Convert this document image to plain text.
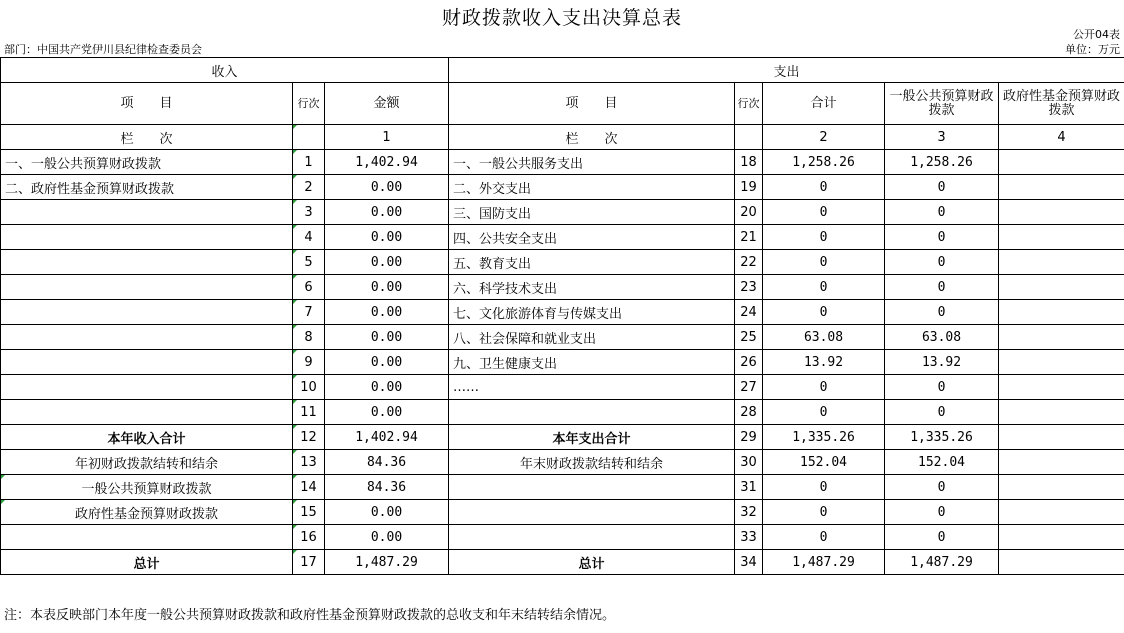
财政拨款收入支出决算总表
公开04表
部门：中国共产党伊川县纪律检查委员会	单位：万元
收入			支出				
项　　目	行次	金额	项　　目	行次	合计	一般公共预算财政拨款	政府性基金预算财政拨款
栏　　次		1	栏　　次		2	3	4
一、一般公共预算财政拨款	1	1,402.94	一、一般公共服务支出	18	1,258.26	1,258.26	
二、政府性基金预算财政拨款	2	0.00	二、外交支出	19	0	0	
	3	0.00	三、国防支出	20	0	0	
	4	0.00	四、公共安全支出	21	0	0	
	5	0.00	五、教育支出	22	0	0	
	6	0.00	六、科学技术支出	23	0	0	
	7	0.00	七、文化旅游体育与传媒支出	24	0	0	
	8	0.00	八、社会保障和就业支出	25	63.08	63.08	
	9	0.00	九、卫生健康支出	26	13.92	13.92	
	10	0.00	……	27	0	0	
	11	0.00		28	0	0	
本年收入合计	12	1,402.94	本年支出合计	29	1,335.26	1,335.26	
年初财政拨款结转和结余	13	84.36	年末财政拨款结转和结余	30	152.04	152.04	
一般公共预算财政拨款	14	84.36		31	0	0	
政府性基金预算财政拨款	15	0.00		32	0	0	
	16	0.00		33	0	0	
总计	17	1,487.29	总计	34	1,487.29	1,487.29	
注：本表反映部门本年度一般公共预算财政拨款和政府性基金预算财政拨款的总收支和年末结转结余情况。
